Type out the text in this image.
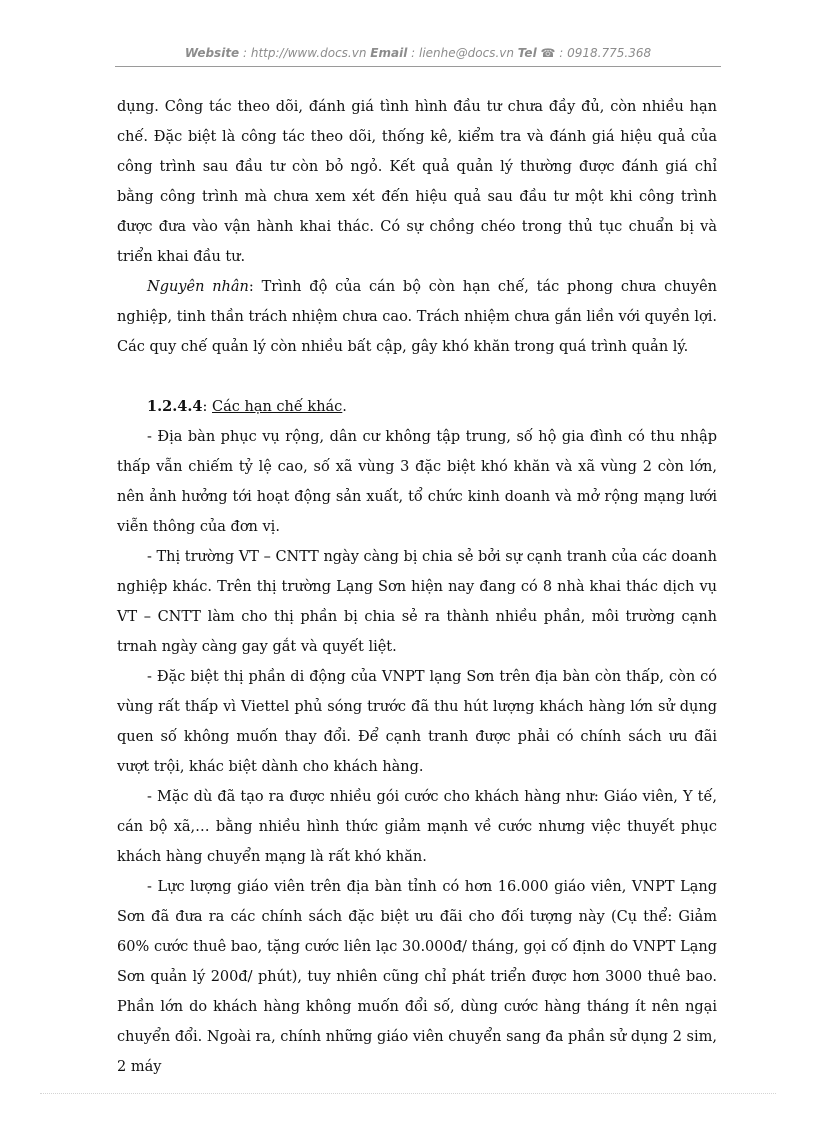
Website : http://www.docs.vn Email : lienhe@docs.vn Tel ☎ : 0918.775.368

dụng. Công tác theo dõi, đánh giá tình hình đầu tư chưa đầy đủ, còn nhiều hạn chế. Đặc biệt là công tác theo dõi, thống kê, kiểm tra và đánh giá hiệu quả của công trình sau đầu tư còn bỏ ngỏ. Kết quả quản lý thường được đánh giá chỉ bằng công trình mà chưa xem xét đến hiệu quả sau đầu tư một khi công trình được đưa vào vận hành khai thác. Có sự chồng chéo trong thủ tục chuẩn bị và triển khai đầu tư.

Nguyên nhân: Trình độ của cán bộ còn hạn chế, tác phong chưa chuyên nghiệp, tinh thần trách nhiệm chưa cao. Trách nhiệm chưa gắn liền với quyền lợi. Các quy chế quản lý còn nhiều bất cập, gây khó khăn trong quá trình quản lý.

1.2.4.4: Các hạn chế khác.

- Địa bàn phục vụ rộng, dân cư không tập trung, số hộ gia đình có thu nhập thấp vẫn chiếm tỷ lệ cao, số xã vùng 3 đặc biệt khó khăn và xã vùng 2 còn lớn, nên ảnh hưởng tới hoạt động sản xuất, tổ chức kinh doanh và mở rộng mạng lưới viễn thông của đơn vị.

- Thị trường VT – CNTT ngày càng bị chia sẻ bởi sự cạnh tranh của các doanh nghiệp khác. Trên thị trường Lạng Sơn hiện nay đang có 8 nhà khai thác dịch vụ VT – CNTT làm cho thị phần bị chia sẻ ra thành nhiều phần, môi trường cạnh trnah ngày càng gay gắt và quyết liệt.

- Đặc biệt thị phần di động của VNPT lạng Sơn trên địa bàn còn thấp, còn có vùng rất thấp vì Viettel phủ sóng trước đã thu hút lượng khách hàng lớn sử dụng quen số không muốn thay đổi. Để cạnh tranh được phải có chính sách ưu đãi vượt trội, khác biệt dành cho khách hàng.

- Mặc dù đã tạo ra được nhiều gói cước cho khách hàng như: Giáo viên, Y tế, cán bộ xã,… bằng nhiều hình thức giảm mạnh về cước nhưng việc thuyết phục khách hàng chuyển mạng là rất khó khăn.

- Lực lượng giáo viên trên địa bàn tỉnh có hơn 16.000 giáo viên, VNPT Lạng Sơn đã đưa ra các chính sách đặc biệt ưu đãi cho đối tượng này (Cụ thể: Giảm 60% cước thuê bao, tặng cước liên lạc 30.000đ/ tháng, gọi cố định do VNPT Lạng Sơn quản lý 200đ/ phút), tuy nhiên cũng chỉ phát triển được hơn 3000 thuê bao. Phần lớn do khách hàng không muốn đổi số, dùng cước hàng tháng ít nên ngại chuyển đổi. Ngoài ra, chính những giáo viên chuyển sang đa phần sử dụng 2 sim, 2 máy
